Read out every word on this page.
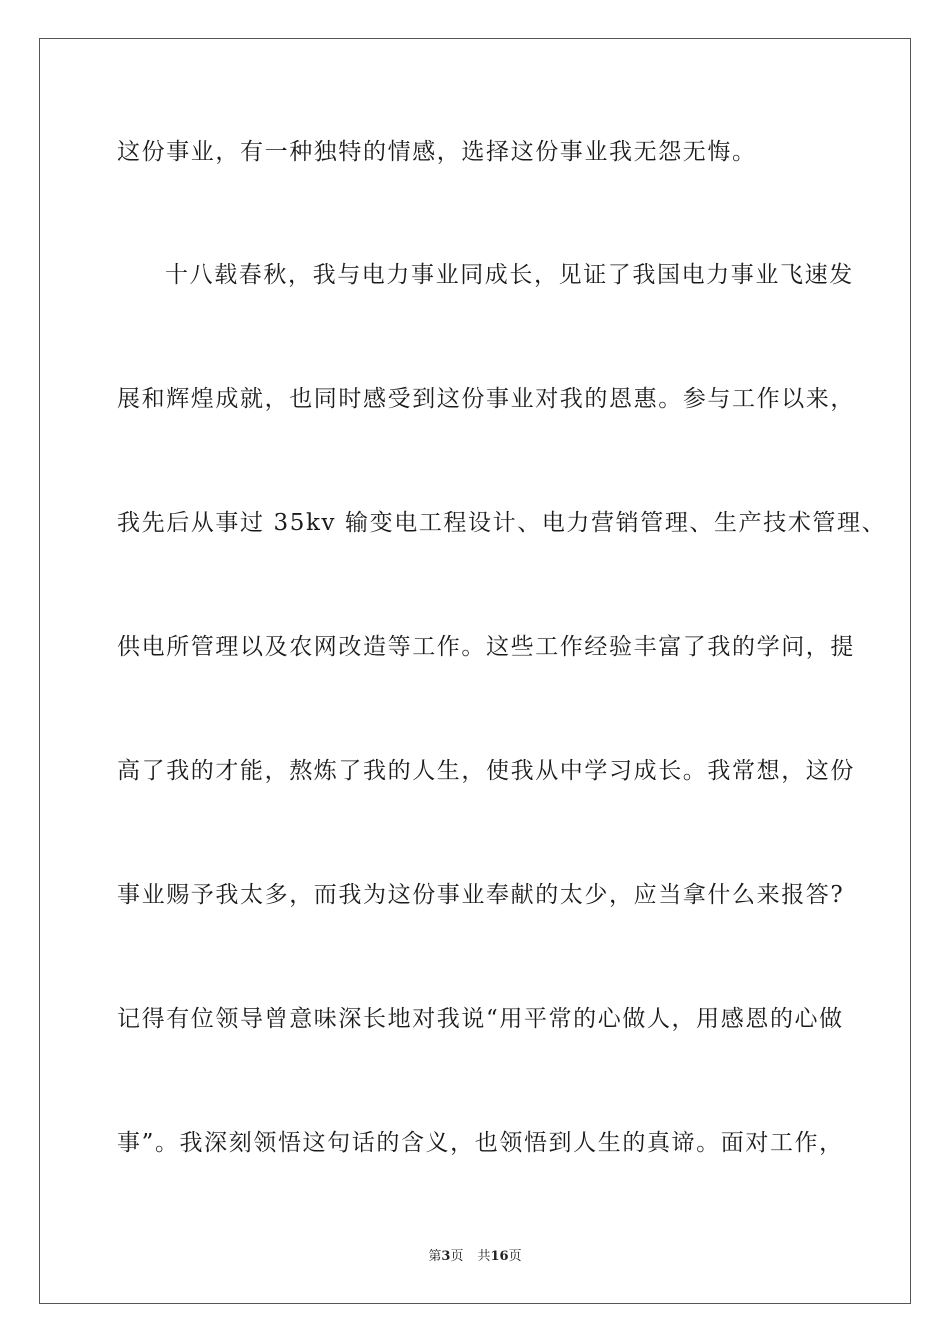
这份事业，有一种独特的情感，选择这份事业我无怨无悔。
十八载春秋，我与电力事业同成长，见证了我国电力事业飞速发
展和辉煌成就，也同时感受到这份事业对我的恩惠。参与工作以来，
我先后从事过 35kv 输变电工程设计、电力营销管理、生产技术管理、
供电所管理以及农网改造等工作。这些工作经验丰富了我的学问，提
高了我的才能，熬炼了我的人生，使我从中学习成长。我常想，这份
事业赐予我太多，而我为这份事业奉献的太少，应当拿什么来报答?
记得有位领导曾意味深长地对我说“用平常的心做人，用感恩的心做
事”。我深刻领悟这句话的含义，也领悟到人生的真谛。面对工作，
第3页 共16页
